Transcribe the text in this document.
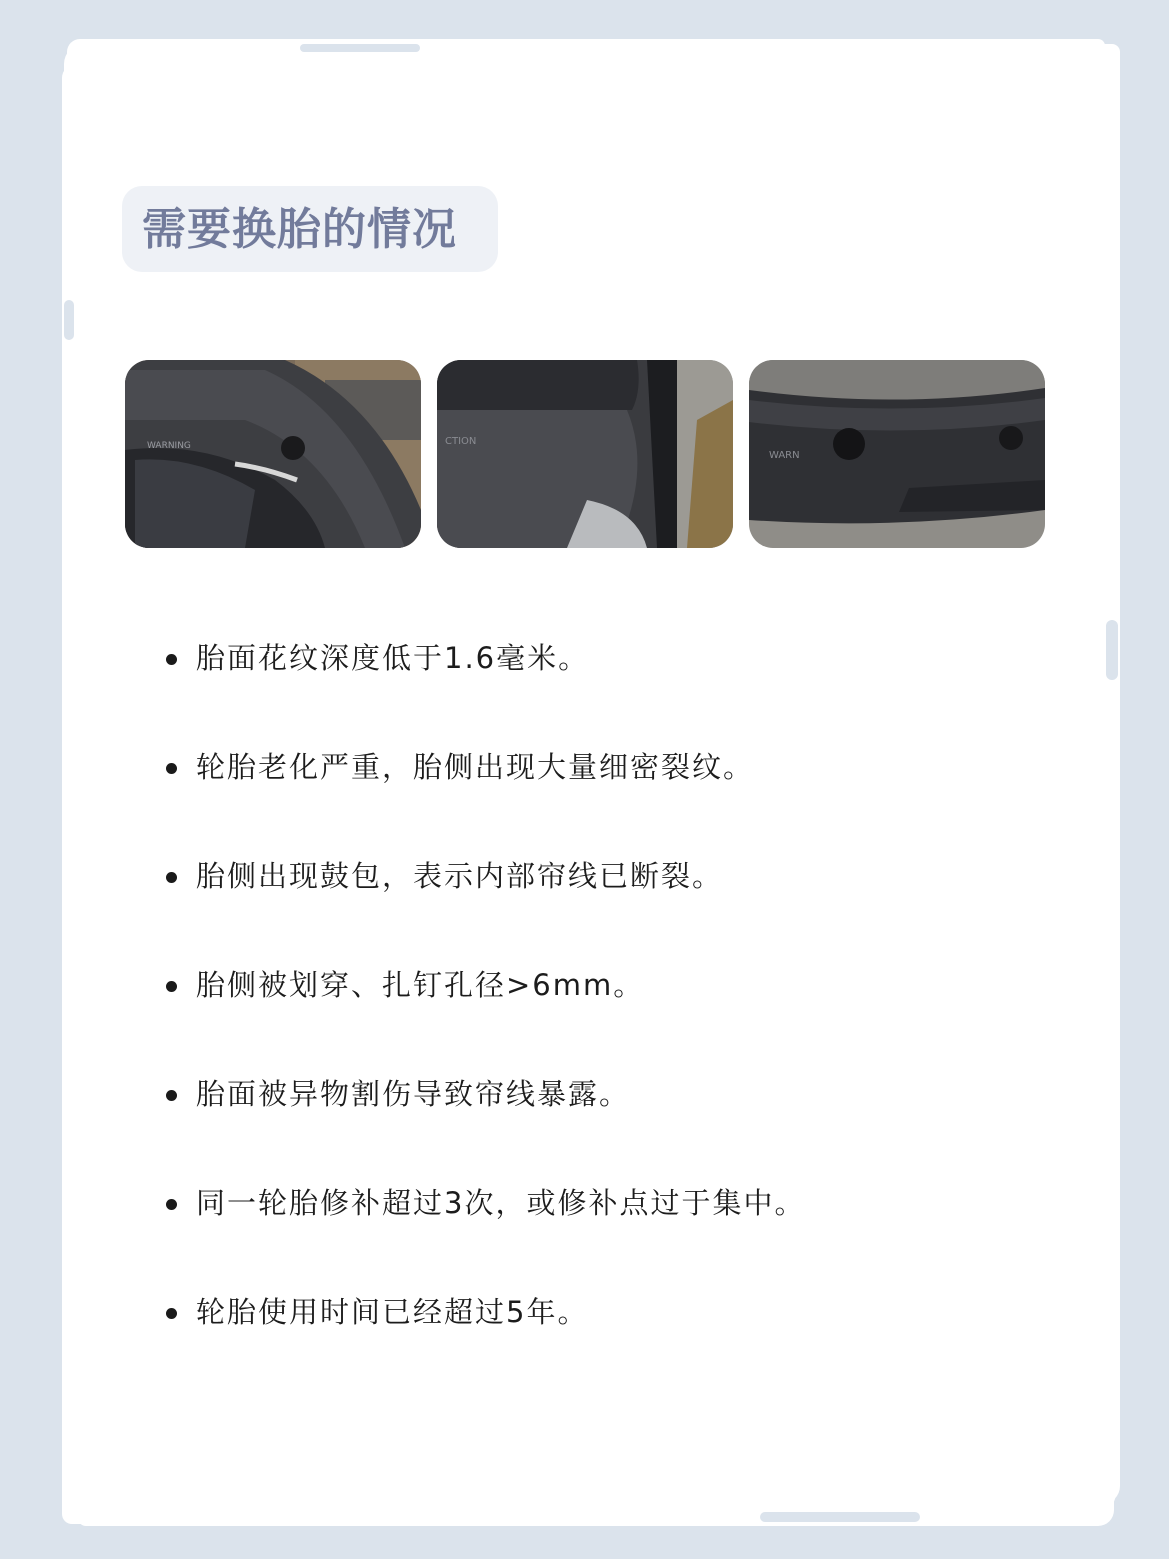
需要换胎的情况
WARNING	CTION
WARN
胎面花纹深度低于1.6毫米。
轮胎老化严重，胎侧出现大量细密裂纹。
胎侧出现鼓包，表示内部帘线已断裂。
胎侧被划穿、扎钉孔径>6mm。
胎面被异物割伤导致帘线暴露。
同一轮胎修补超过3次，或修补点过于集中。
轮胎使用时间已经超过5年。
